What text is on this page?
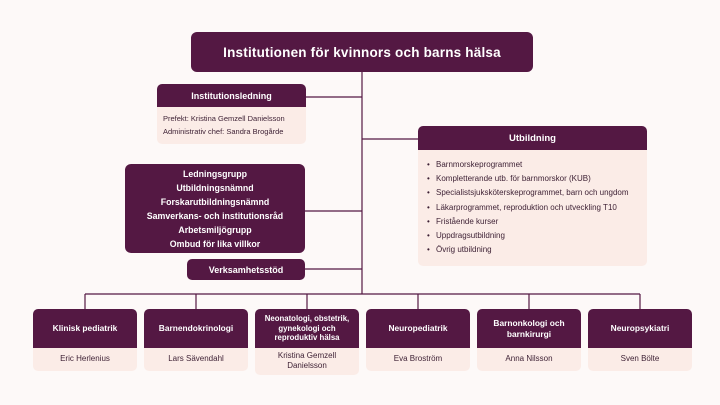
Institutionen för kvinnors och barns hälsa
Institutionsledning
Prefekt: Kristina Gemzell Danielsson
Administrativ chef: Sandra Brogårde
Utbildning
• Barnmorskeprogrammet
• Kompletterande utb. för barnmorskor (KUB)
• Specialistsjuksköterskeprogrammet, barn och ungdom
• Läkarprogrammet, reproduktion och utveckling T10
• Fristående kurser
• Uppdragsutbildning
• Övrig utbildning
Ledningsgrupp
Utbildningsnämnd
Forskarutbildningsnämnd
Samverkans- och institutionsråd
Arbetsmiljögrupp
Ombud för lika villkor
Verksamhetsstöd
Klinisk pediatrik
Eric Herlenius
Barnendokrinologi
Lars Sävendahl
Neonatologi, obstetrik, gynekologi och reproduktiv hälsa
Kristina Gemzell Danielsson
Neuropediatrik
Eva Broström
Barnonkologi och barnkirurgi
Anna Nilsson
Neuropsykiatri
Sven Bölte
